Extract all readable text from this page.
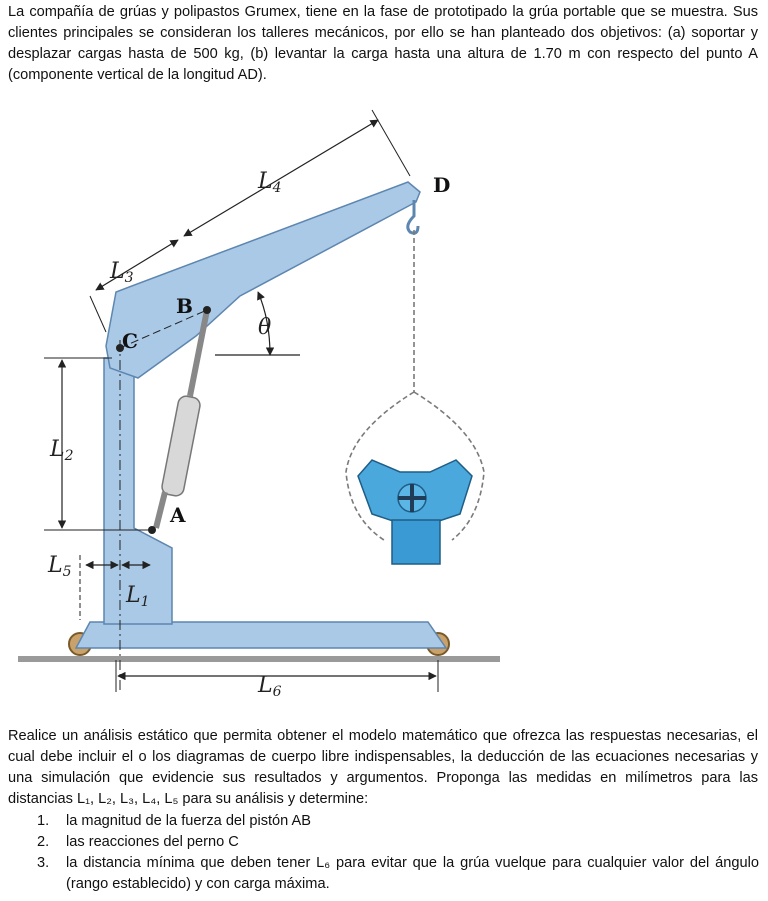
La compañía de grúas y polipastos Grumex, tiene en la fase de prototipado la grúa portable que se muestra. Sus clientes principales se consideran los talleres mecánicos, por ello se han planteado dos objetivos: (a) soportar y desplazar cargas hasta de 500 kg, (b) levantar la carga hasta una altura de 1.70 m con respecto del punto A (componente vertical de la longitud AD).

D
B
C
A
θ
L2
L3
L4
L5
L1
L6

Realice un análisis estático que permita obtener el modelo matemático que ofrezca las respuestas necesarias, el cual debe incluir el o los diagramas de cuerpo libre indispensables, la deducción de las ecuaciones necesarias y una simulación que evidencie sus resultados y argumentos. Proponga las medidas en milímetros para las distancias L₁, L₂, L₃, L₄, L₅ para su análisis y determine:

1.	la magnitud de la fuerza del pistón AB
2.	las reacciones del perno C
3.	la distancia mínima que deben tener L₆ para evitar que la grúa vuelque para cualquier valor del ángulo (rango establecido) y con carga máxima.
